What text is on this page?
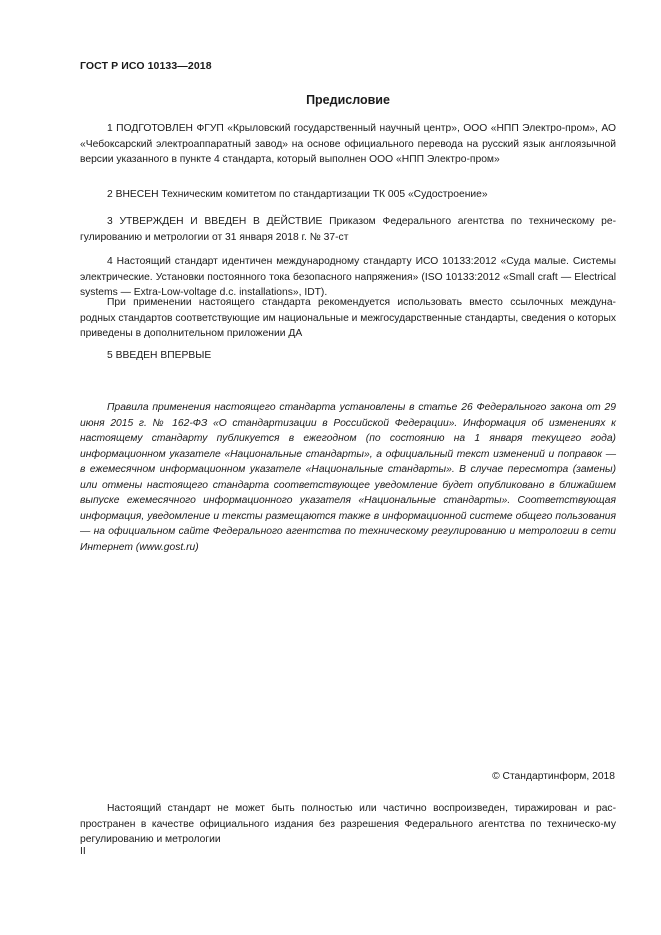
ГОСТ Р ИСО 10133—2018
Предисловие

1 ПОДГОТОВЛЕН ФГУП «Крыловский государственный научный центр», ООО «НПП Электро-пром», АО «Чебоксарский электроаппаратный завод» на основе официального перевода на русский язык англоязычной версии указанного в пункте 4 стандарта, который выполнен ООО «НПП Электро-пром»

2 ВНЕСЕН Техническим комитетом по стандартизации ТК 005 «Судостроение»

3 УТВЕРЖДЕН И ВВЕДЕН В ДЕЙСТВИЕ Приказом Федерального агентства по техническому ре-гулированию и метрологии от 31 января 2018 г. № 37-ст

4 Настоящий стандарт идентичен международному стандарту ИСО 10133:2012 «Суда малые. Системы электрические. Установки постоянного тока безопасного напряжения» (ISO 10133:2012 «Small craft — Electrical systems — Extra-Low-voltage d.c. installations», IDT).

При применении настоящего стандарта рекомендуется использовать вместо ссылочных междуна-родных стандартов соответствующие им национальные и межгосударственные стандарты, сведения о которых приведены в дополнительном приложении ДА

5 ВВЕДЕН ВПЕРВЫЕ

Правила применения настоящего стандарта установлены в статье 26 Федерального закона от 29 июня 2015 г. № 162-ФЗ «О стандартизации в Российской Федерации». Информация об изменениях к настоящему стандарту публикуется в ежегодном (по состоянию на 1 января текущего года) информационном указателе «Национальные стандарты», а официальный текст изменений и поправок — в ежемесячном информационном указателе «Национальные стандарты». В случае пересмотра (замены) или отмены настоящего стандарта соответствующее уведомление будет опубликовано в ближайшем выпуске ежемесячного информационного указателя «Национальные стандарты». Соответствующая информация, уведомление и тексты размещаются также в информационной системе общего пользования — на официальном сайте Федерального агентства по техническому регулированию и метрологии в сети Интернет (www.gost.ru)

© Стандартинформ, 2018

Настоящий стандарт не может быть полностью или частично воспроизведен, тиражирован и рас-пространен в качестве официального издания без разрешения Федерального агентства по техническо-му регулированию и метрологии

II
